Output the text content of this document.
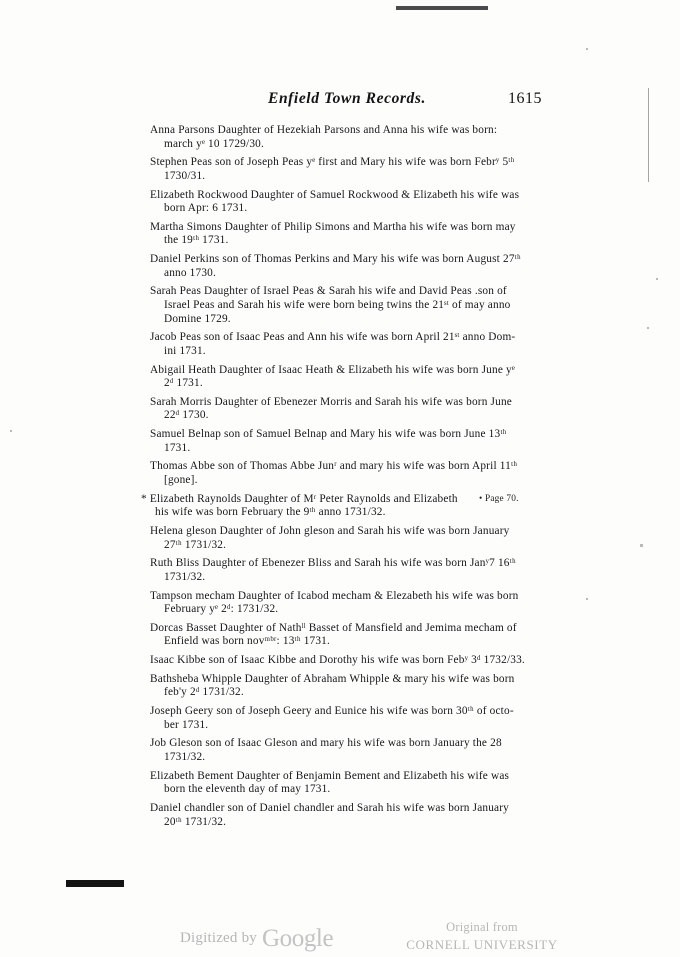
Enfield Town Records.	1615
Anna Parsons Daughter of Hezekiah Parsons and Anna his wife was born:
march yᵉ 10 1729/30.
Stephen Peas son of Joseph Peas yᵉ first and Mary his wife was born Febrʸ 5ᵗʰ
1730/31.
Elizabeth Rockwood Daughter of Samuel Rockwood & Elizabeth his wife was
born Apr: 6 1731.
Martha Simons Daughter of Philip Simons and Martha his wife was born may
the 19ᵗʰ 1731.
Daniel Perkins son of Thomas Perkins and Mary his wife was born August 27ᵗʰ
anno 1730.
Sarah Peas Daughter of Israel Peas & Sarah his wife and David Peas .son of
Israel Peas and Sarah his wife were born being twins the 21ˢᵗ of may anno
Domine 1729.
Jacob Peas son of Isaac Peas and Ann his wife was born April 21ˢᵗ anno Dom-
ini 1731.
Abigail Heath Daughter of Isaac Heath & Elizabeth his wife was born June yᵉ
2ᵈ 1731.
Sarah Morris Daughter of Ebenezer Morris and Sarah his wife was born June
22ᵈ 1730.
Samuel Belnap son of Samuel Belnap and Mary his wife was born June 13ᵗʰ
1731.
Thomas Abbe son of Thomas Abbe Junʳ and mary his wife was born April 11ᵗʰ
[gone].
* Elizabeth Raynolds Daughter of Mʳ Peter Raynolds and Elizabeth • Page 70.
his wife was born February the 9ᵗʰ anno 1731/32.
Helena gleson Daughter of John gleson and Sarah his wife was born January
27ᵗʰ 1731/32.
Ruth Bliss Daughter of Ebenezer Bliss and Sarah his wife was born Janʸ7 16ᵗʰ
1731/32.
Tampson mecham Daughter of Icabod mecham & Elezabeth his wife was born
February yᵉ 2ᵈ: 1731/32.
Dorcas Basset Daughter of Nathˡˡ Basset of Mansfield and Jemima mecham of
Enfield was born novᵐᵇʳ: 13ᵗʰ 1731.
Isaac Kibbe son of Isaac Kibbe and Dorothy his wife was born Febʸ 3ᵈ 1732/33.
Bathsheba Whipple Daughter of Abraham Whipple & mary his wife was born
feb'y 2ᵈ 1731/32.
Joseph Geery son of Joseph Geery and Eunice his wife was born 30ᵗʰ of octo-
ber 1731.
Job Gleson son of Isaac Gleson and mary his wife was born January the 28
1731/32.
Elizabeth Bement Daughter of Benjamin Bement and Elizabeth his wife was
born the eleventh day of may 1731.
Daniel chandler son of Daniel chandler and Sarah his wife was born January
20ᵗʰ 1731/32.
Digitized by Google	Original from
CORNELL UNIVERSITY
